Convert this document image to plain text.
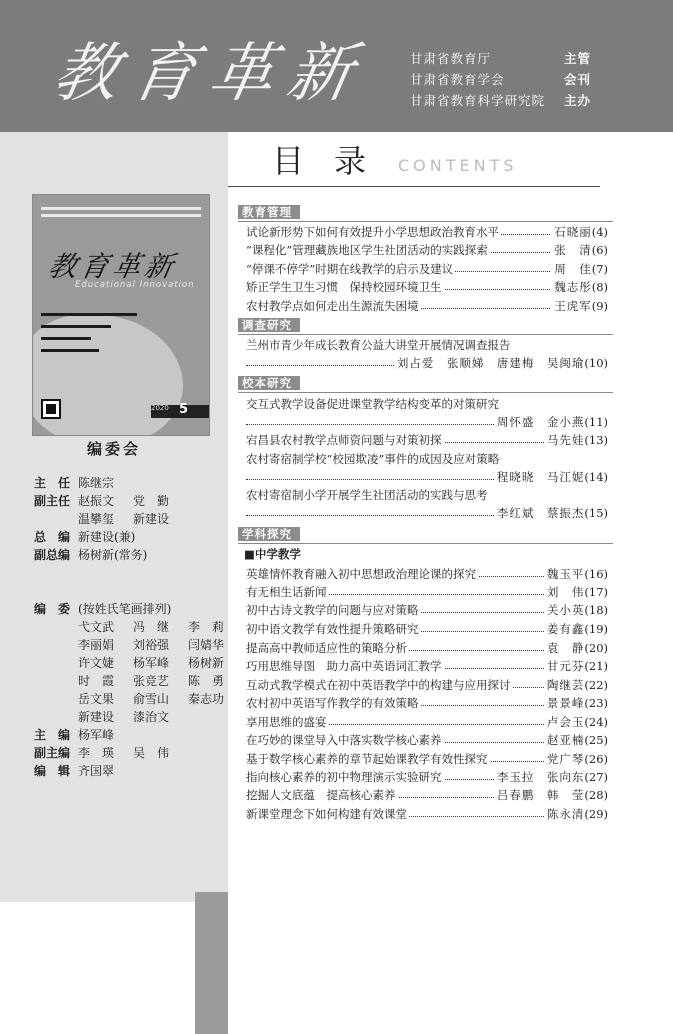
教育革新	甘肃省教育厅	主管
甘肃省教育学会	会刊
甘肃省教育科学研究院 主办
教育革新
Educational Innovation
2020 5
编委会
主　任 陈继宗
副主任 赵振文 党　勤
温攀玺 新建设
总　编 新建设(兼)
副总编 杨树新(常务)
编　委 (按姓氏笔画排列)
弋文武 冯　继 李　莉
李丽娟 刘裕强 闫婧华
许文婕 杨军峰 杨树新
时　霞 张竞艺 陈　勇
岳文果 俞雪山 秦志功
新建设 漆治文
主　编 杨军峰
副主编 李　瑛 吴　伟
编　辑 齐国翠
目录 CONTENTS
教育管理
试论新形势下如何有效提升小学思想政治教育水平	石晓丽(4)
“课程化”管理藏族地区学生社团活动的实践探索	张　清(6)
“停课不停学”时期在线教学的启示及建议	周　佳(7)
矫正学生卫生习惯　保持校园环境卫生	魏志彤(8)
农村教学点如何走出生源流失困境	王虎军(9)
调查研究
兰州市青少年成长教育公益大讲堂开展情况调查报告
刘占爱　张顺娣　唐建梅　吴闽瑜(10)
校本研究
交互式教学设备促进课堂教学结构变革的对策研究
周怀盛　金小燕(11)
宕昌县农村教学点师资问题与对策初探	马先娃(13)
农村寄宿制学校“校园欺凌”事件的成因及应对策略
程晓晓　马江妮(14)
农村寄宿制小学开展学生社团活动的实践与思考
李红斌　蔡振杰(15)
学科探究
■中学教学
英雄情怀教育融入初中思想政治理论课的探究	魏玉平(16)
有无相生话新闻	刘　伟(17)
初中古诗文教学的问题与应对策略	关小英(18)
初中语文教学有效性提升策略研究	姜有鑫(19)
提高高中教师适应性的策略分析	袁　静(20)
巧用思维导图　助力高中英语词汇教学	甘元芬(21)
互动式教学模式在初中英语教学中的构建与应用探讨	陶继芸(22)
农村初中英语写作教学的有效策略	景景峰(23)
享用思维的盛宴	卢会玉(24)
在巧妙的课堂导入中落实数学核心素养	赵亚楠(25)
基于数学核心素养的章节起始课教学有效性探究	党广琴(26)
指向核心素养的初中物理演示实验研究	李玉拉　张向东(27)
挖掘人文底蕴　提高核心素养	吕春鹏　韩　莹(28)
新课堂理念下如何构建有效课堂	陈永清(29)
